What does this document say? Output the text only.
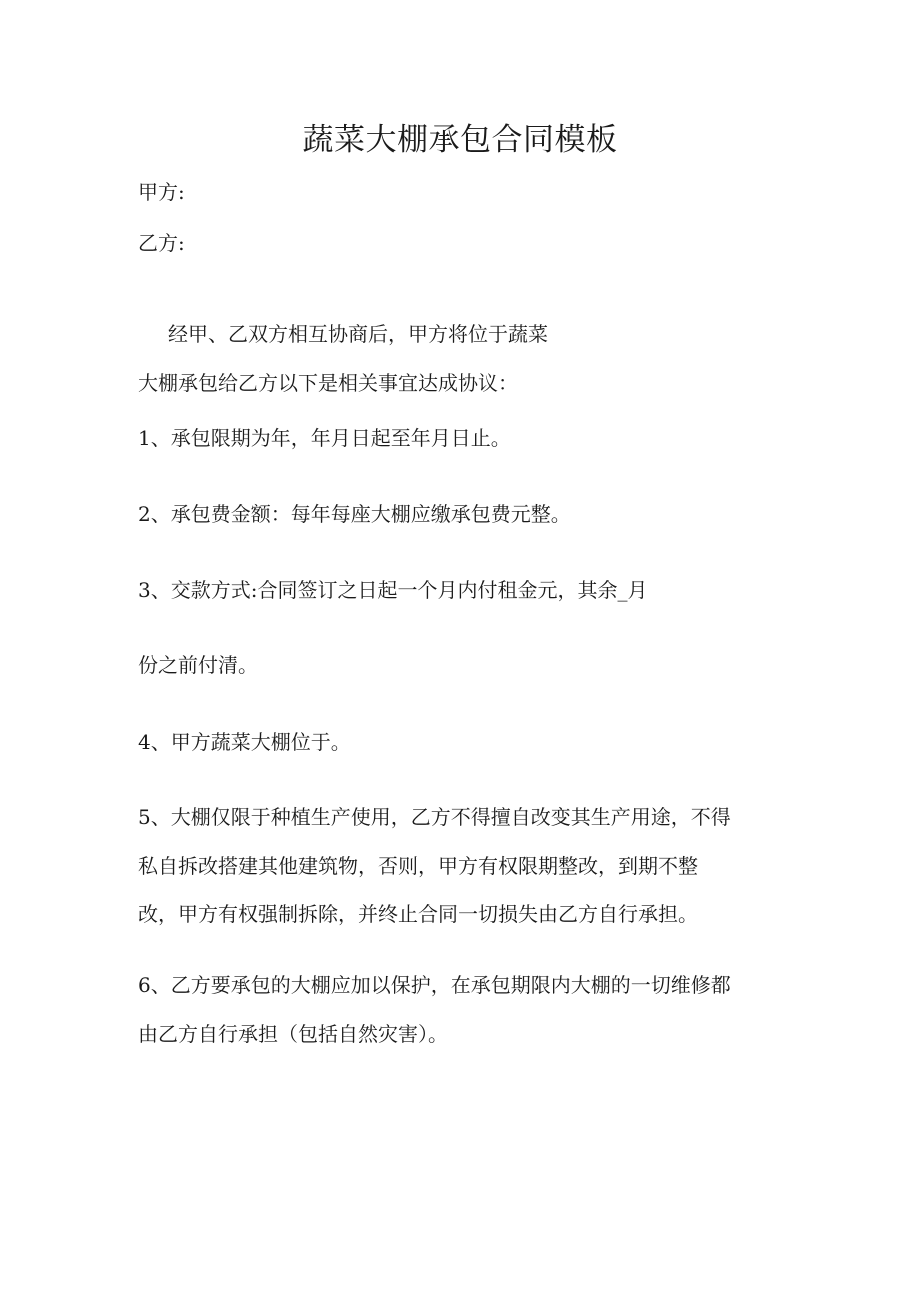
蔬菜大棚承包合同模板
甲方:
乙方:
经甲、乙双方相互协商后，甲方将位于蔬菜
大棚承包给乙方以下是相关事宜达成协议：
1、承包限期为年，年月日起至年月日止。
2、承包费金额：每年每座大棚应缴承包费元整。
3、交款方式:合同签订之日起一个月内付租金元，其余_月
份之前付清。
4、甲方蔬菜大棚位于。
5、大棚仅限于种植生产使用，乙方不得擅自改变其生产用途，不得
私自拆改搭建其他建筑物，否则，甲方有权限期整改，到期不整
改，甲方有权强制拆除，并终止合同一切损失由乙方自行承担。
6、乙方要承包的大棚应加以保护，在承包期限内大棚的一切维修都
由乙方自行承担（包括自然灾害）。
